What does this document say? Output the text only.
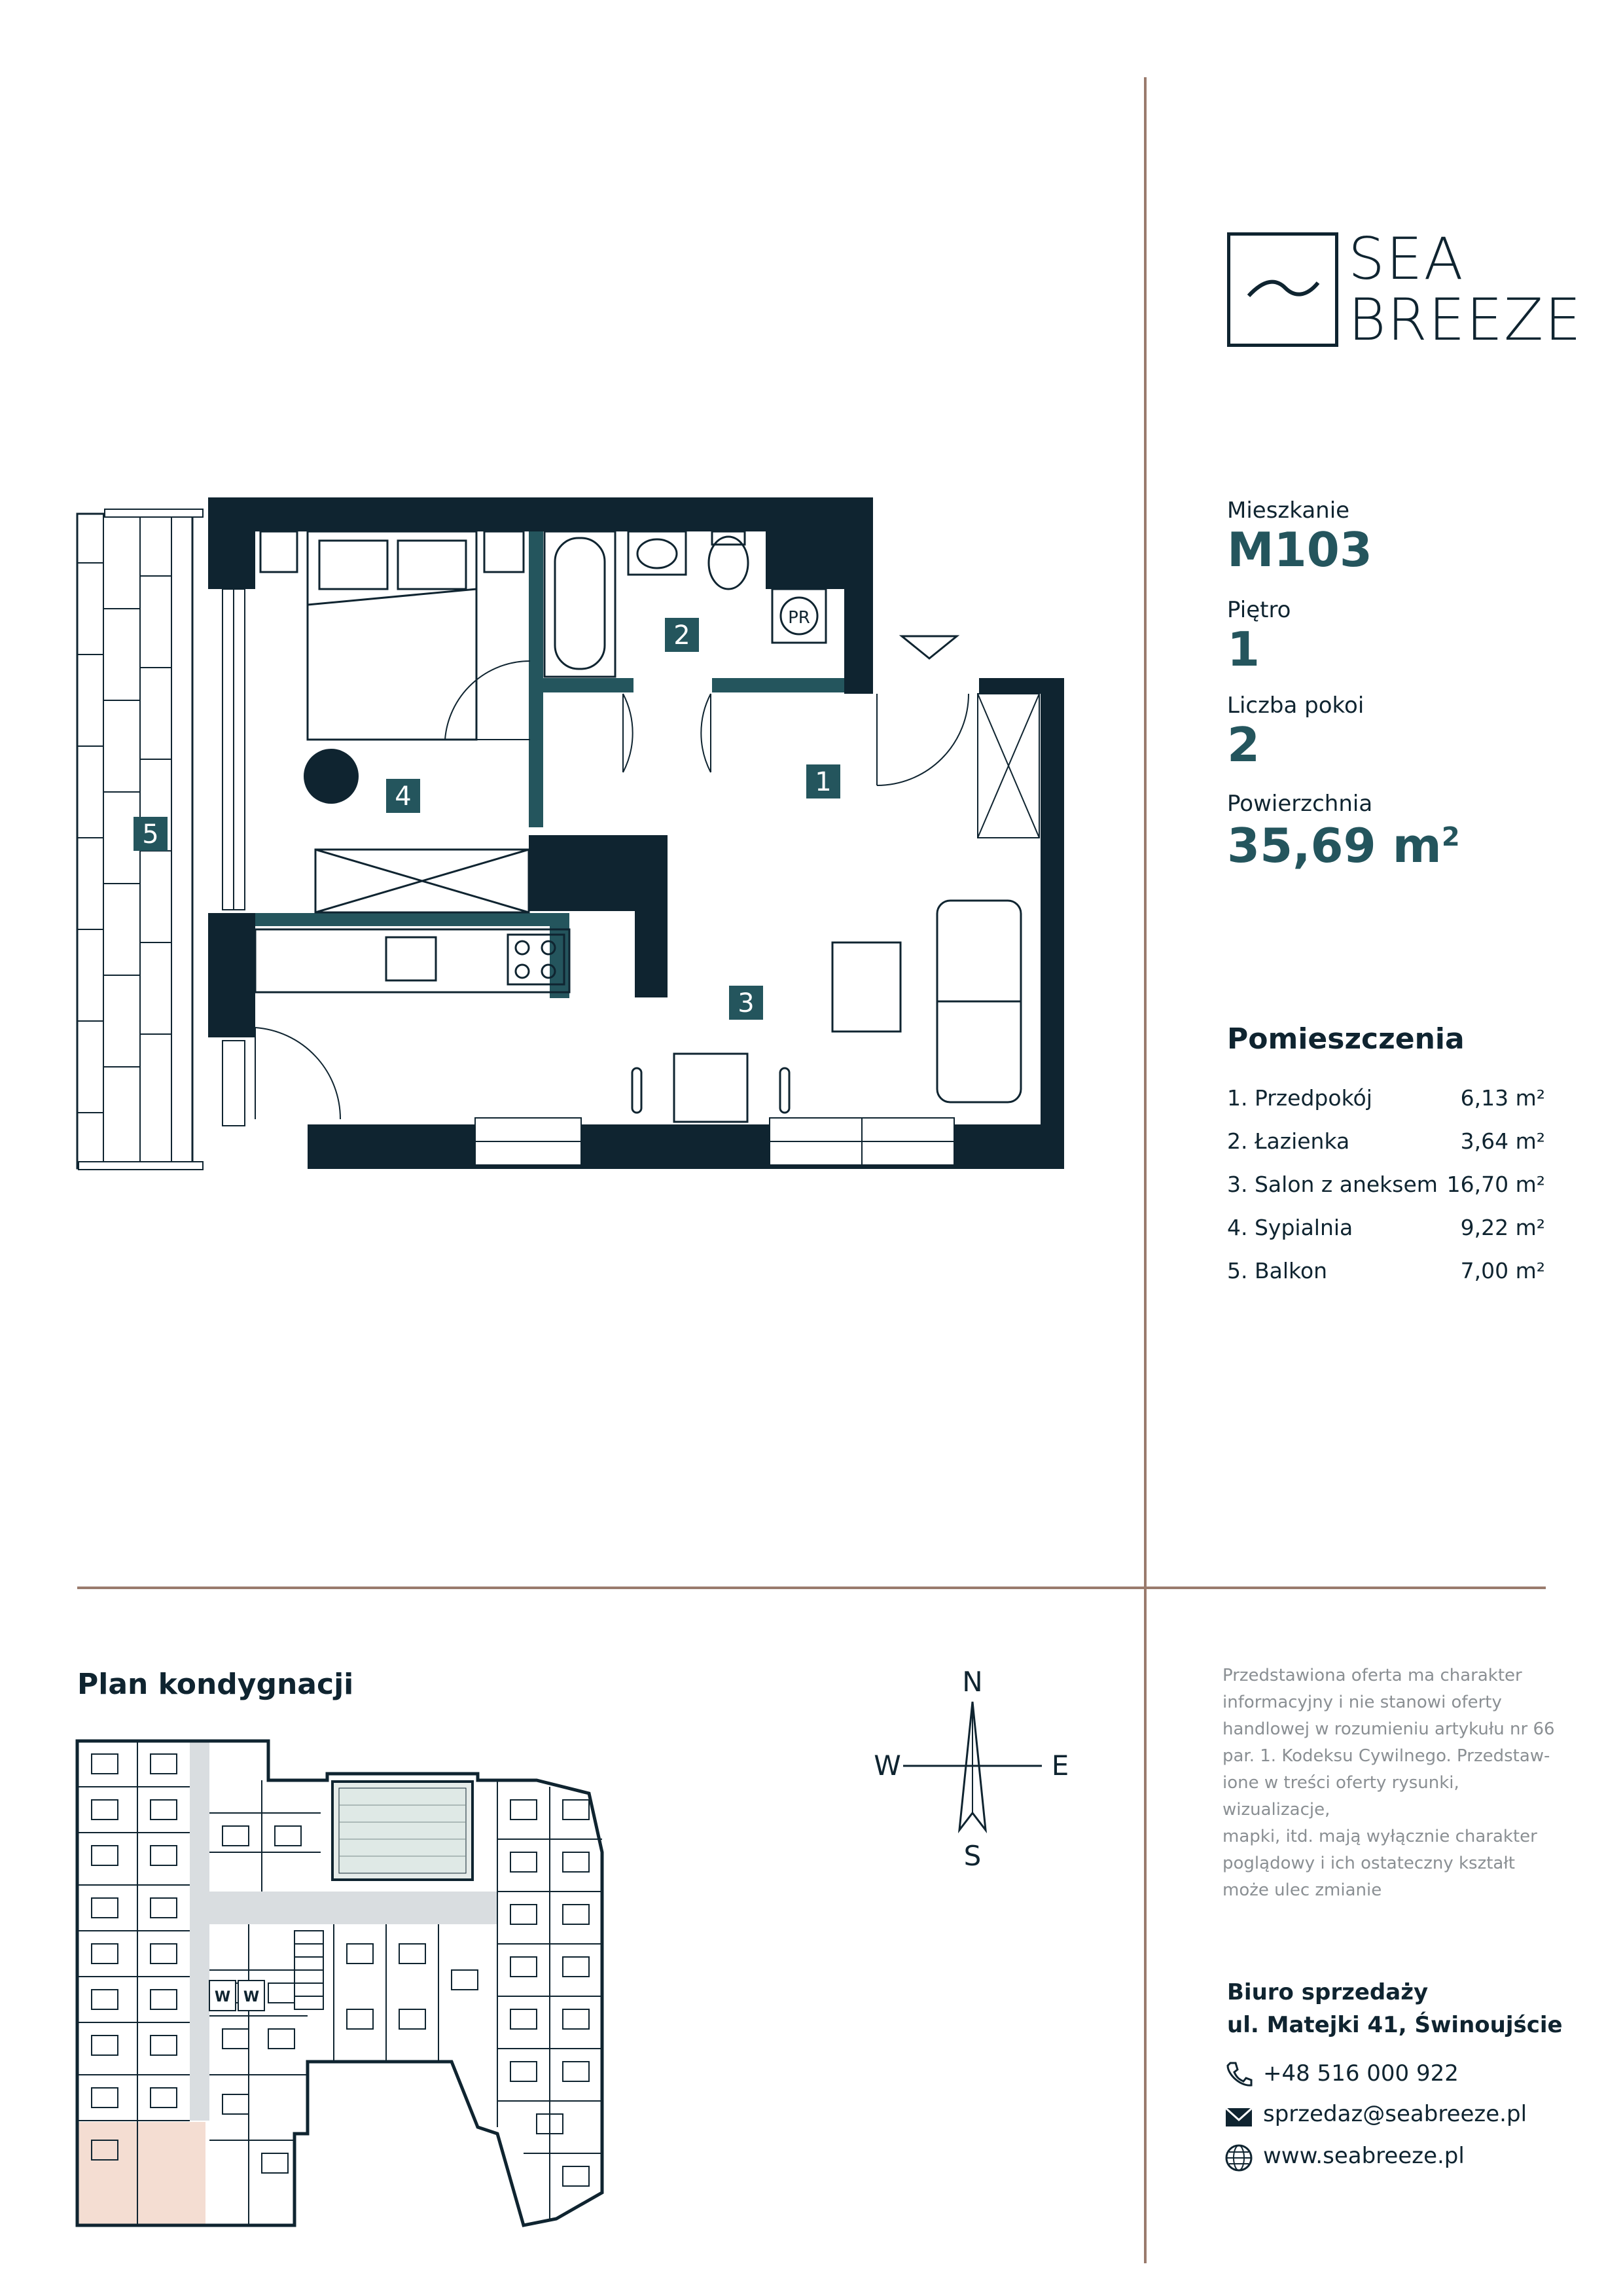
SEA
BREEZE
Mieszkanie
M103
Piętro
1
Liczba pokoi
2
Powierzchnia
35,69 $m^2$
Pomieszczenia
1. Przedpokój	6,13 m²
2. Łazienka	3,64 m²
3. Salon z aneksem 16,70 m²
4. Sypialnia	9,22 m²
5. Balkon	7,00 m²
PR
1
2
3
4
5
Plan kondygnacji
W W
N
S
E
W
Przedstawiona oferta ma charakter
informacyjny i nie stanowi oferty
handlowej w rozumieniu artykułu nr 66
par. 1. Kodeksu Cywilnego. Przedstaw-
ione w treści oferty rysunki, wizualizacje,
mapki, itd. mają wyłącznie charakter
poglądowy i ich ostateczny kształt
może ulec zmianie
Biuro sprzedaży
ul. Matejki 41, Świnoujście
+48 516 000 922
sprzedaz@seabreeze.pl
www.seabreeze.pl
